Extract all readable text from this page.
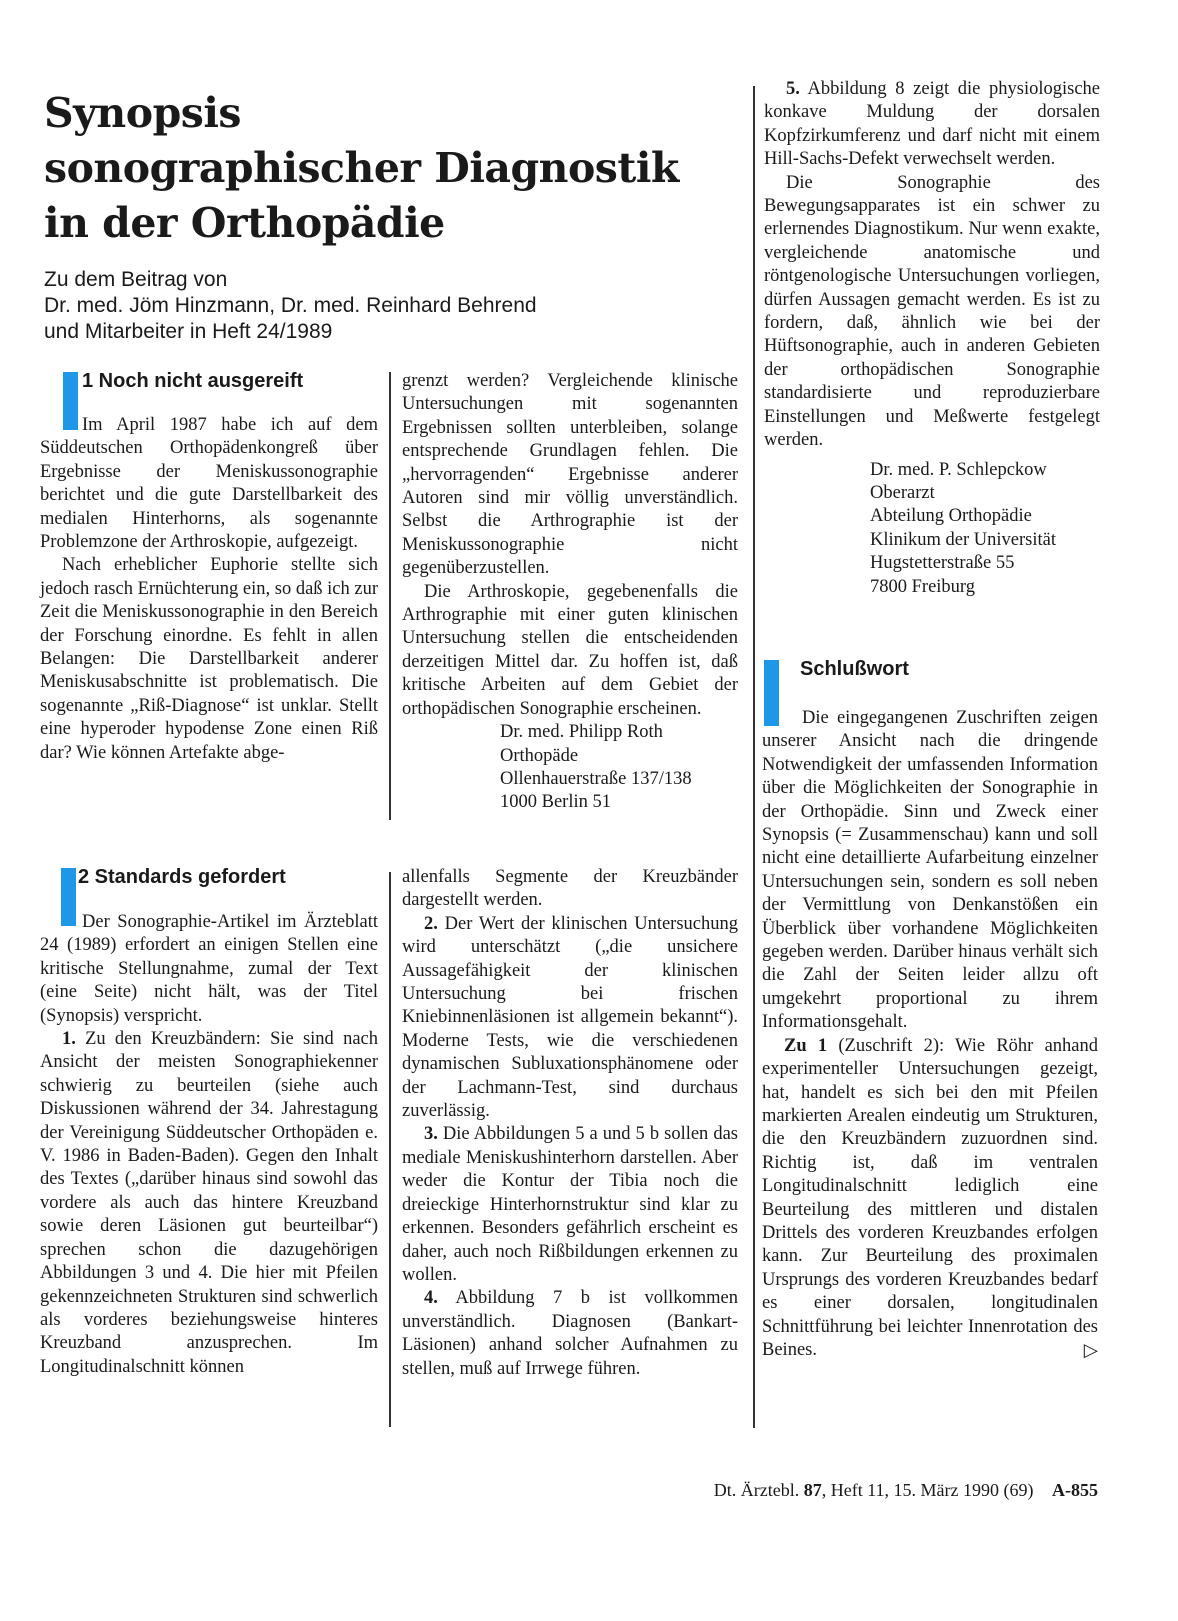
Synopsis
sonographischer Diagnostik
in der Orthopädie
Zu dem Beitrag von
Dr. med. Jöm Hinzmann, Dr. med. Reinhard Behrend
und Mitarbeiter in Heft 24/1989
1 Noch nicht ausgereift

Im April 1987 habe ich auf dem Süddeutschen Orthopädenkongreß über Ergebnisse der Meniskussonographie berichtet und die gute Darstellbarkeit des medialen Hinterhorns, als sogenannte Problemzone der Arthroskopie, aufgezeigt.

Nach erheblicher Euphorie stellte sich jedoch rasch Ernüchterung ein, so daß ich zur Zeit die Meniskussonographie in den Bereich der Forschung einordne. Es fehlt in allen Belangen: Die Darstellbarkeit anderer Meniskusabschnitte ist problematisch. Die sogenannte „Riß-Diagnose“ ist unklar. Stellt eine hyperoder hypodense Zone einen Riß dar? Wie können Artefakte abge-

grenzt werden? Vergleichende klinische Untersuchungen mit sogenannten Ergebnissen sollten unterbleiben, solange entsprechende Grundlagen fehlen. Die „hervorragenden“ Ergebnisse anderer Autoren sind mir völlig unverständlich. Selbst die Arthrographie ist der Meniskussonographie nicht gegenüberzustellen.

Die Arthroskopie, gegebenenfalls die Arthrographie mit einer guten klinischen Untersuchung stellen die entscheidenden derzeitigen Mittel dar. Zu hoffen ist, daß kritische Arbeiten auf dem Gebiet der orthopädischen Sonographie erscheinen.

Dr. med. Philipp Roth

Orthopäde

Ollenhauerstraße 137/138

1000 Berlin 51

2 Standards gefordert

Der Sonographie-Artikel im Ärzteblatt 24 (1989) erfordert an einigen Stellen eine kritische Stellungnahme, zumal der Text (eine Seite) nicht hält, was der Titel (Synopsis) verspricht.

1. Zu den Kreuzbändern: Sie sind nach Ansicht der meisten Sonographiekenner schwierig zu beurteilen (siehe auch Diskussionen während der 34. Jahrestagung der Vereinigung Süddeutscher Orthopäden e. V. 1986 in Baden-Baden). Gegen den Inhalt des Textes („darüber hinaus sind sowohl das vordere als auch das hintere Kreuzband sowie deren Läsionen gut beurteilbar“) sprechen schon die dazugehörigen Abbildungen 3 und 4. Die hier mit Pfeilen gekennzeichneten Strukturen sind schwerlich als vorderes beziehungsweise hinteres Kreuzband anzusprechen. Im Longitudinalschnitt können

allenfalls Segmente der Kreuzbänder dargestellt werden.

2. Der Wert der klinischen Untersuchung wird unterschätzt („die unsichere Aussagefähigkeit der klinischen Untersuchung bei frischen Kniebinnenläsionen ist allgemein bekannt“). Moderne Tests, wie die verschiedenen dynamischen Subluxationsphänomene oder der Lachmann-Test, sind durchaus zuverlässig.

3. Die Abbildungen 5 a und 5 b sollen das mediale Meniskushinterhorn darstellen. Aber weder die Kontur der Tibia noch die dreieckige Hinterhornstruktur sind klar zu erkennen. Besonders gefährlich erscheint es daher, auch noch Rißbildungen erkennen zu wollen.

4. Abbildung 7 b ist vollkommen unverständlich. Diagnosen (Bankart-Läsionen) anhand solcher Aufnahmen zu stellen, muß auf Irrwege führen.

5. Abbildung 8 zeigt die physiologische konkave Muldung der dorsalen Kopfzirkumferenz und darf nicht mit einem Hill-Sachs-Defekt verwechselt werden.

Die Sonographie des Bewegungsapparates ist ein schwer zu erlernendes Diagnostikum. Nur wenn exakte, vergleichende anatomische und röntgenologische Untersuchungen vorliegen, dürfen Aussagen gemacht werden. Es ist zu fordern, daß, ähnlich wie bei der Hüftsonographie, auch in anderen Gebieten der orthopädischen Sonographie standardisierte und reproduzierbare Einstellungen und Meßwerte festgelegt werden.

Dr. med. P. Schlepckow

Oberarzt

Abteilung Orthopädie

Klinikum der Universität

Hugstetterstraße 55

7800 Freiburg

Schlußwort

Die eingegangenen Zuschriften zeigen unserer Ansicht nach die dringende Notwendigkeit der umfassenden Information über die Möglichkeiten der Sonographie in der Orthopädie. Sinn und Zweck einer Synopsis (= Zusammenschau) kann und soll nicht eine detaillierte Aufarbeitung einzelner Untersuchungen sein, sondern es soll neben der Vermittlung von Denkanstößen ein Überblick über vorhandene Möglichkeiten gegeben werden. Darüber hinaus verhält sich die Zahl der Seiten leider allzu oft umgekehrt proportional zu ihrem Informationsgehalt.

Zu 1 (Zuschrift 2): Wie Röhr anhand experimenteller Untersuchungen gezeigt, hat, handelt es sich bei den mit Pfeilen markierten Arealen eindeutig um Strukturen, die den Kreuzbändern zuzuordnen sind. Richtig ist, daß im ventralen Longitudinalschnitt lediglich eine Beurteilung des mittleren und distalen Drittels des vorderen Kreuzbandes erfolgen kann. Zur Beurteilung des proximalen Ursprungs des vorderen Kreuzbandes bedarf es einer dorsalen, longitudinalen Schnittführung bei leichter Innenrotation des Beines.	▷

Dt. Ärztebl. 87, Heft 11, 15. März 1990 (69) A-855
